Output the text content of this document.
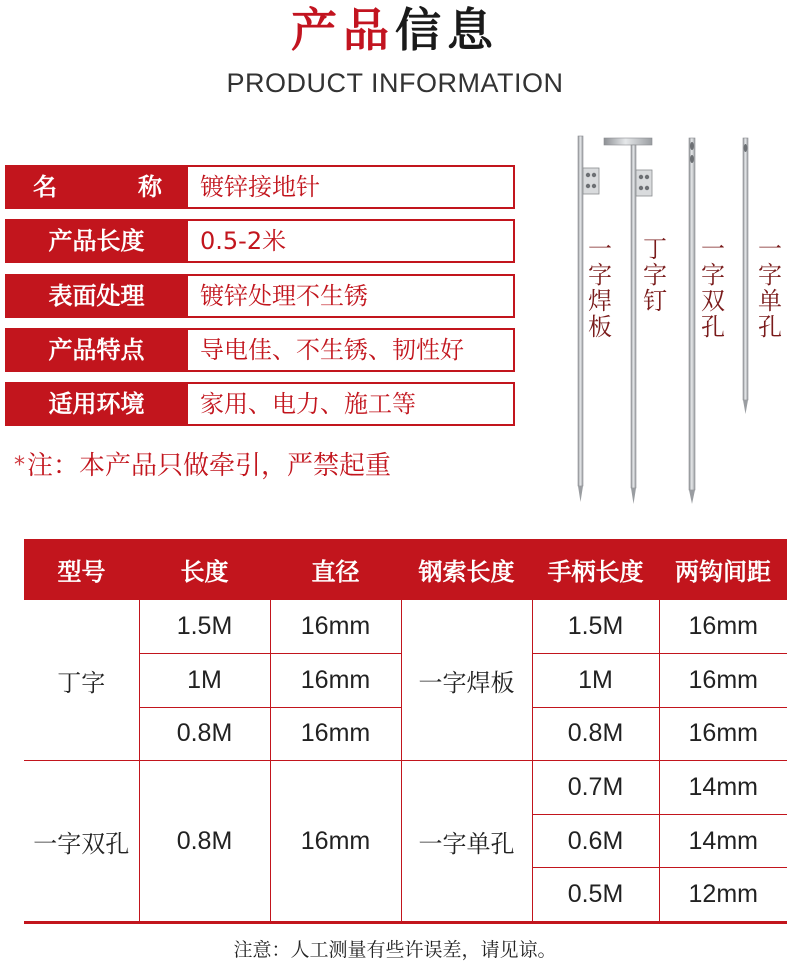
产品信息
PRODUCT INFORMATION
名　　称	镀锌接地针
产品长度	0.5-2米
表面处理	镀锌处理不生锈
产品特点	导电佳、不生锈、韧性好
适用环境	家用、电力、施工等
*注：本产品只做牵引，严禁起重
一字焊板
丁字钉
一字双孔
一字单孔
型号	长度	直径	钢索长度	手柄长度	两钩间距
丁字	1.5M	16mm	一字焊板	1.5M	16mm
	1M	16mm		1M	16mm
	0.8M	16mm		0.8M	16mm
一字双孔	0.8M	16mm	一字单孔	0.7M	14mm
				0.6M	14mm
				0.5M	12mm
注意：人工测量有些许误差，请见谅。
